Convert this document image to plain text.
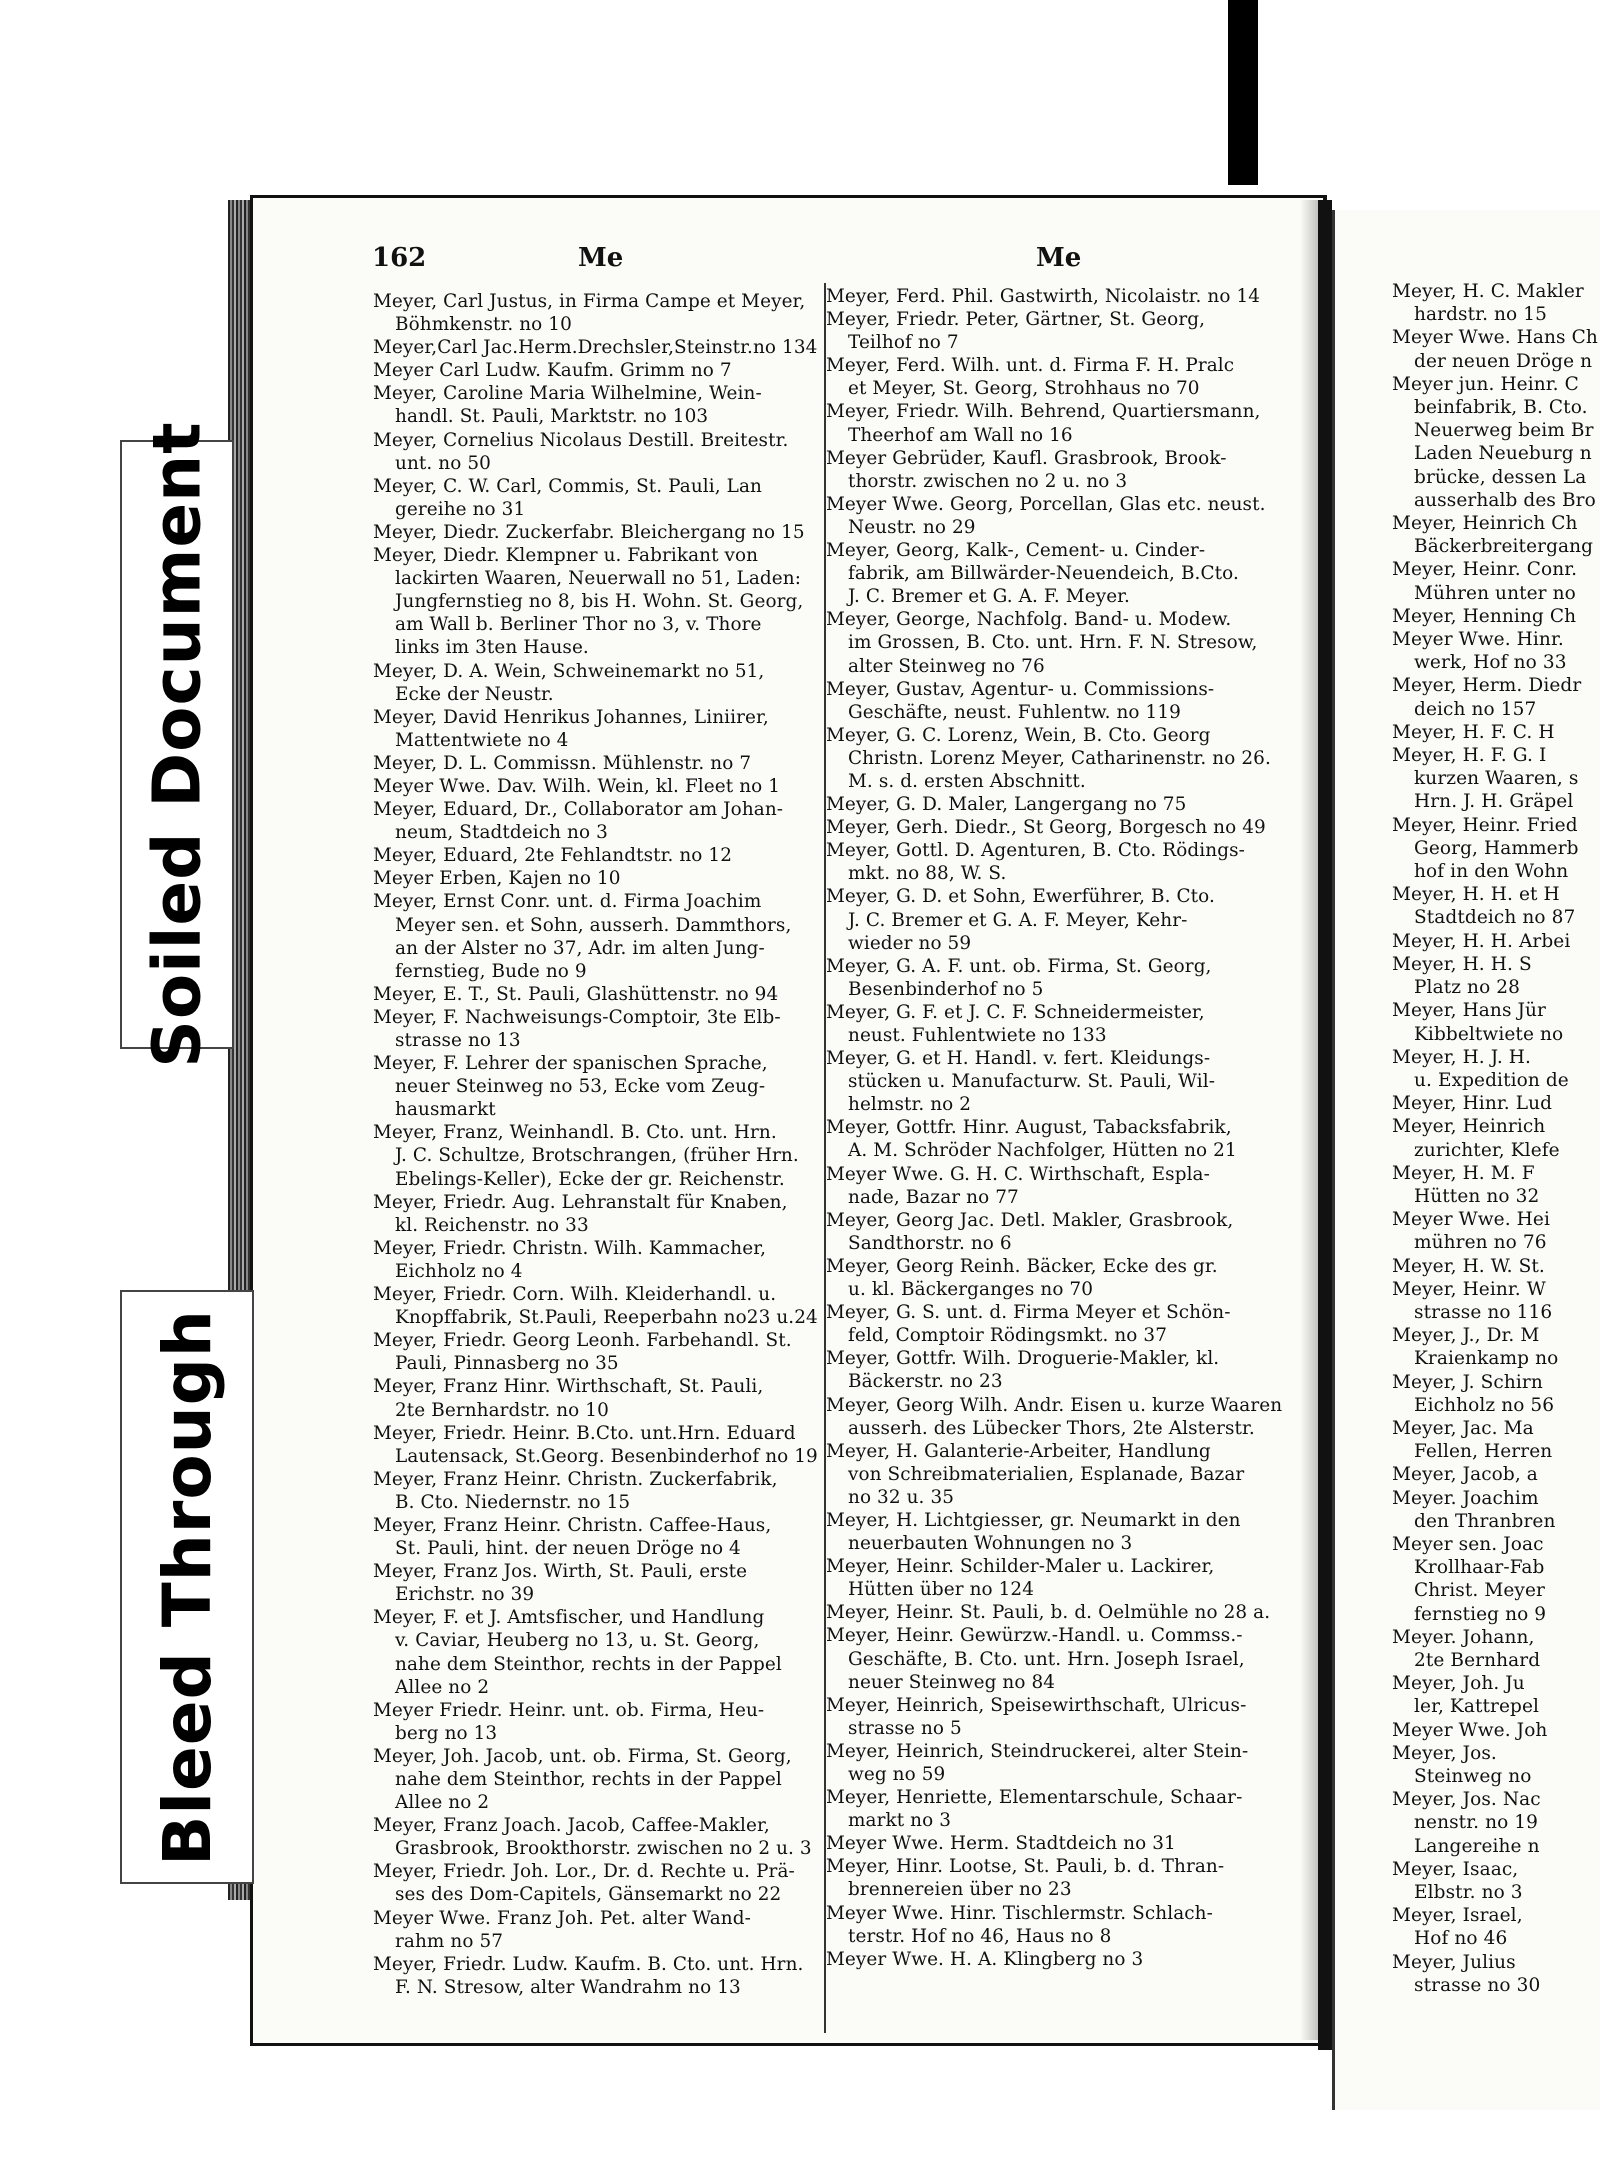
162	Me	Me
Meyer, Carl Justus, in Firma Campe et Meyer,
Böhmkenstr. no 10
Meyer,Carl Jac.Herm.Drechsler,Steinstr.no 134
Meyer Carl Ludw. Kaufm. Grimm no 7
Meyer, Caroline Maria Wilhelmine, Wein-
handl. St. Pauli, Marktstr. no 103
Meyer, Cornelius Nicolaus Destill. Breitestr.
unt. no 50
Meyer, C. W. Carl, Commis, St. Pauli, Lan
gereihe no 31
Meyer, Diedr. Zuckerfabr. Bleichergang no 15
Meyer, Diedr. Klempner u. Fabrikant von
lackirten Waaren, Neuerwall no 51, Laden:
Jungfernstieg no 8, bis H. Wohn. St. Georg,
am Wall b. Berliner Thor no 3, v. Thore
links im 3ten Hause.
Meyer, D. A. Wein, Schweinemarkt no 51,
Ecke der Neustr.
Meyer, David Henrikus Johannes, Liniirer,
Mattentwiete no 4
Meyer, D. L. Commissn. Mühlenstr. no 7
Meyer Wwe. Dav. Wilh. Wein, kl. Fleet no 1
Meyer, Eduard, Dr., Collaborator am Johan-
neum, Stadtdeich no 3
Meyer, Eduard, 2te Fehlandtstr. no 12
Meyer Erben, Kajen no 10
Meyer, Ernst Conr. unt. d. Firma Joachim
Meyer sen. et Sohn, ausserh. Dammthors,
an der Alster no 37, Adr. im alten Jung-
fernstieg, Bude no 9
Meyer, E. T., St. Pauli, Glashüttenstr. no 94
Meyer, F. Nachweisungs-Comptoir, 3te Elb-
strasse no 13
Meyer, F. Lehrer der spanischen Sprache,
neuer Steinweg no 53, Ecke vom Zeug-
hausmarkt
Meyer, Franz, Weinhandl. B. Cto. unt. Hrn.
J. C. Schultze, Brotschrangen, (früher Hrn.
Ebelings-Keller), Ecke der gr. Reichenstr.
Meyer, Friedr. Aug. Lehranstalt für Knaben,
kl. Reichenstr. no 33
Meyer, Friedr. Christn. Wilh. Kammacher,
Eichholz no 4
Meyer, Friedr. Corn. Wilh. Kleiderhandl. u.
Knopffabrik, St.Pauli, Reeperbahn no23 u.24
Meyer, Friedr. Georg Leonh. Farbehandl. St.
Pauli, Pinnasberg no 35
Meyer, Franz Hinr. Wirthschaft, St. Pauli,
2te Bernhardstr. no 10
Meyer, Friedr. Heinr. B.Cto. unt.Hrn. Eduard
Lautensack, St.Georg. Besenbinderhof no 19
Meyer, Franz Heinr. Christn. Zuckerfabrik,
B. Cto. Niedernstr. no 15
Meyer, Franz Heinr. Christn. Caffee-Haus,
St. Pauli, hint. der neuen Dröge no 4
Meyer, Franz Jos. Wirth, St. Pauli, erste
Erichstr. no 39
Meyer, F. et J. Amtsfischer, und Handlung
v. Caviar, Heuberg no 13, u. St. Georg,
nahe dem Steinthor, rechts in der Pappel
Allee no 2
Meyer Friedr. Heinr. unt. ob. Firma, Heu-
berg no 13
Meyer, Joh. Jacob, unt. ob. Firma, St. Georg,
nahe dem Steinthor, rechts in der Pappel
Allee no 2
Meyer, Franz Joach. Jacob, Caffee-Makler,
Grasbrook, Brookthorstr. zwischen no 2 u. 3
Meyer, Friedr. Joh. Lor., Dr. d. Rechte u. Prä-
ses des Dom-Capitels, Gänsemarkt no 22
Meyer Wwe. Franz Joh. Pet. alter Wand-
rahm no 57
Meyer, Friedr. Ludw. Kaufm. B. Cto. unt. Hrn.
F. N. Stresow, alter Wandrahm no 13
Meyer, Ferd. Phil. Gastwirth, Nicolaistr. no 14
Meyer, Friedr. Peter, Gärtner, St. Georg,
Teilhof no 7
Meyer, Ferd. Wilh. unt. d. Firma F. H. Pralc
et Meyer, St. Georg, Strohhaus no 70
Meyer, Friedr. Wilh. Behrend, Quartiersmann,
Theerhof am Wall no 16
Meyer Gebrüder, Kaufl. Grasbrook, Brook-
thorstr. zwischen no 2 u. no 3
Meyer Wwe. Georg, Porcellan, Glas etc. neust.
Neustr. no 29
Meyer, Georg, Kalk-, Cement- u. Cinder-
fabrik, am Billwärder-Neuendeich, B.Cto.
J. C. Bremer et G. A. F. Meyer.
Meyer, George, Nachfolg. Band- u. Modew.
im Grossen, B. Cto. unt. Hrn. F. N. Stresow,
alter Steinweg no 76
Meyer, Gustav, Agentur- u. Commissions-
Geschäfte, neust. Fuhlentw. no 119
Meyer, G. C. Lorenz, Wein, B. Cto. Georg
Christn. Lorenz Meyer, Catharinenstr. no 26.
M. s. d. ersten Abschnitt.
Meyer, G. D. Maler, Langergang no 75
Meyer, Gerh. Diedr., St Georg, Borgesch no 49
Meyer, Gottl. D. Agenturen, B. Cto. Rödings-
mkt. no 88, W. S.
Meyer, G. D. et Sohn, Ewerführer, B. Cto.
J. C. Bremer et G. A. F. Meyer, Kehr-
wieder no 59
Meyer, G. A. F. unt. ob. Firma, St. Georg,
Besenbinderhof no 5
Meyer, G. F. et J. C. F. Schneidermeister,
neust. Fuhlentwiete no 133
Meyer, G. et H. Handl. v. fert. Kleidungs-
stücken u. Manufacturw. St. Pauli, Wil-
helmstr. no 2
Meyer, Gottfr. Hinr. August, Tabacksfabrik,
A. M. Schröder Nachfolger, Hütten no 21
Meyer Wwe. G. H. C. Wirthschaft, Espla-
nade, Bazar no 77
Meyer, Georg Jac. Detl. Makler, Grasbrook,
Sandthorstr. no 6
Meyer, Georg Reinh. Bäcker, Ecke des gr.
u. kl. Bäckerganges no 70
Meyer, G. S. unt. d. Firma Meyer et Schön-
feld, Comptoir Rödingsmkt. no 37
Meyer, Gottfr. Wilh. Droguerie-Makler, kl.
Bäckerstr. no 23
Meyer, Georg Wilh. Andr. Eisen u. kurze Waaren
ausserh. des Lübecker Thors, 2te Alsterstr.
Meyer, H. Galanterie-Arbeiter, Handlung
von Schreibmaterialien, Esplanade, Bazar
no 32 u. 35
Meyer, H. Lichtgiesser, gr. Neumarkt in den
neuerbauten Wohnungen no 3
Meyer, Heinr. Schilder-Maler u. Lackirer,
Hütten über no 124
Meyer, Heinr. St. Pauli, b. d. Oelmühle no 28 a.
Meyer, Heinr. Gewürzw.-Handl. u. Commss.-
Geschäfte, B. Cto. unt. Hrn. Joseph Israel,
neuer Steinweg no 84
Meyer, Heinrich, Speisewirthschaft, Ulricus-
strasse no 5
Meyer, Heinrich, Steindruckerei, alter Stein-
weg no 59
Meyer, Henriette, Elementarschule, Schaar-
markt no 3
Meyer Wwe. Herm. Stadtdeich no 31
Meyer, Hinr. Lootse, St. Pauli, b. d. Thran-
brennereien über no 23
Meyer Wwe. Hinr. Tischlermstr. Schlach-
terstr. Hof no 46, Haus no 8
Meyer Wwe. H. A. Klingberg no 3
Meyer, H. C. Makler
hardstr. no 15
Meyer Wwe. Hans Ch
der neuen Dröge n
Meyer jun. Heinr. C
beinfabrik, B. Cto.
Neuerweg beim Br
Laden Neueburg n
brücke, dessen La
ausserhalb des Bro
Meyer, Heinrich Ch
Bäckerbreitergang
Meyer, Heinr. Conr.
Mühren unter no
Meyer, Henning Ch
Meyer Wwe. Hinr.
werk, Hof no 33
Meyer, Herm. Diedr
deich no 157
Meyer, H. F. C. H
Meyer, H. F. G. I
kurzen Waaren, s
Hrn. J. H. Gräpel
Meyer, Heinr. Fried
Georg, Hammerb
hof in den Wohn
Meyer, H. H. et H
Stadtdeich no 87
Meyer, H. H. Arbei
Meyer, H. H. S
Platz no 28
Meyer, Hans Jür
Kibbeltwiete no
Meyer, H. J. H.
u. Expedition de
Meyer, Hinr. Lud
Meyer, Heinrich
zurichter, Klefe
Meyer, H. M. F
Hütten no 32
Meyer Wwe. Hei
mühren no 76
Meyer, H. W. St.
Meyer, Heinr. W
strasse no 116
Meyer, J., Dr. M
Kraienkamp no
Meyer, J. Schirn
Eichholz no 56
Meyer, Jac. Ma
Fellen, Herren
Meyer, Jacob, a
Meyer. Joachim
den Thranbren
Meyer sen. Joac
Krollhaar-Fab
Christ. Meyer
fernstieg no 9
Meyer. Johann,
2te Bernhard
Meyer, Joh. Ju
ler, Kattrepel
Meyer Wwe. Joh
Meyer, Jos.
Steinweg no
Meyer, Jos. Nac
nenstr. no 19
Langereihe n
Meyer, Isaac,
Elbstr. no 3
Meyer, Israel,
Hof no 46
Meyer, Julius
strasse no 30
Soiled Document
Bleed Through
